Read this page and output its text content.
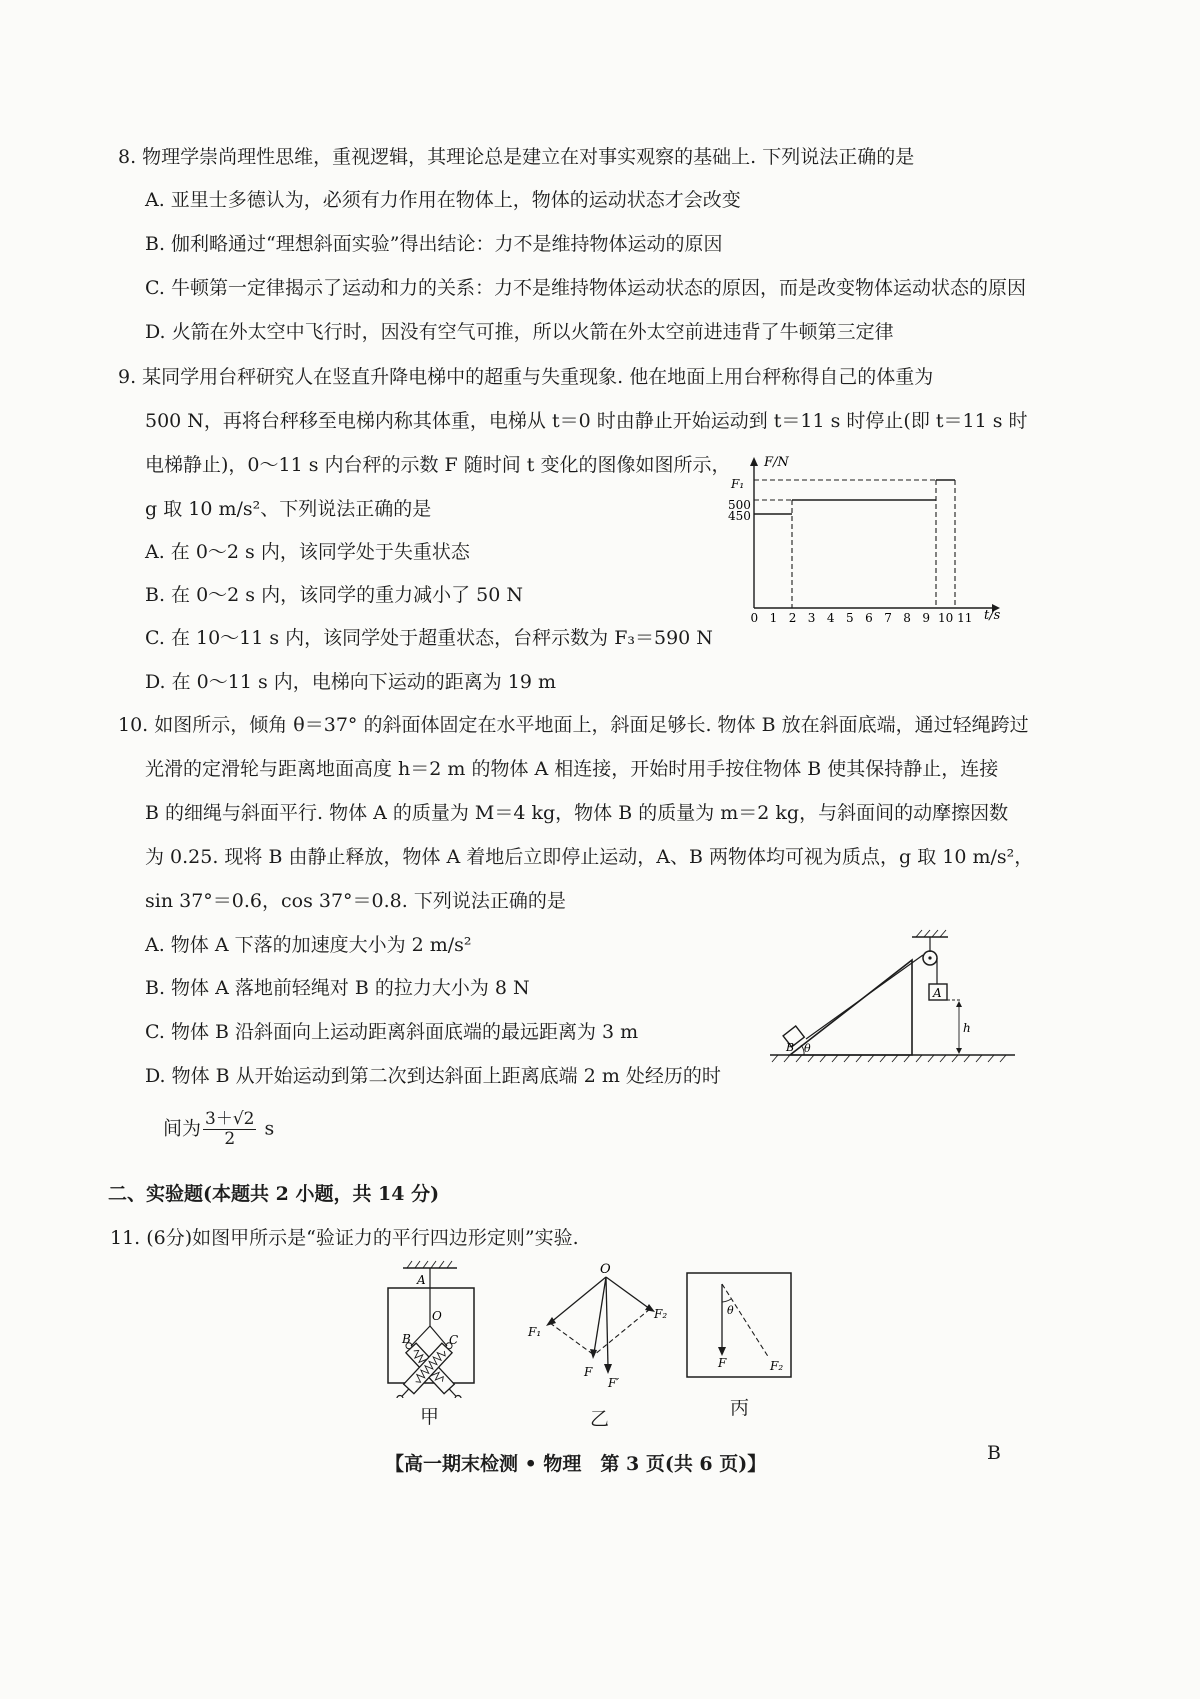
8. 物理学崇尚理性思维，重视逻辑，其理论总是建立在对事实观察的基础上. 下列说法正确的是
A. 亚里士多德认为，必须有力作用在物体上，物体的运动状态才会改变
B. 伽利略通过“理想斜面实验”得出结论：力不是维持物体运动的原因
C. 牛顿第一定律揭示了运动和力的关系：力不是维持物体运动状态的原因，而是改变物体运动状态的原因
D. 火箭在外太空中飞行时，因没有空气可推，所以火箭在外太空前进违背了牛顿第三定律
9. 某同学用台秤研究人在竖直升降电梯中的超重与失重现象. 他在地面上用台秤称得自己的体重为
500 N，再将台秤移至电梯内称其体重，电梯从 t＝0 时由静止开始运动到 t＝11 s 时停止(即 t＝11 s 时
电梯静止)，0～11 s 内台秤的示数 F 随时间 t 变化的图像如图所示，
g 取 10 m/s²、下列说法正确的是
A. 在 0～2 s 内，该同学处于失重状态
B. 在 0～2 s 内，该同学的重力减小了 50 N
C. 在 10～11 s 内，该同学处于超重状态，台秤示数为 F₃＝590 N
D. 在 0～11 s 内，电梯向下运动的距离为 19 m
F/N
t/s
F₁
500
450
0 1 2 3 4 5 6 7 8 9 10 11
10. 如图所示，倾角 θ＝37° 的斜面体固定在水平地面上，斜面足够长. 物体 B 放在斜面底端，通过轻绳跨过
光滑的定滑轮与距离地面高度 h＝2 m 的物体 A 相连接，开始时用手按住物体 B 使其保持静止，连接
B 的细绳与斜面平行. 物体 A 的质量为 M＝4 kg，物体 B 的质量为 m＝2 kg，与斜面间的动摩擦因数
为 0.25. 现将 B 由静止释放，物体 A 着地后立即停止运动，A、B 两物体均可视为质点，g 取 10 m/s²，
sin 37°＝0.6，cos 37°＝0.8. 下列说法正确的是
A. 物体 A 下落的加速度大小为 2 m/s²
B. 物体 A 落地前轻绳对 B 的拉力大小为 8 N
C. 物体 B 沿斜面向上运动距离斜面底端的最远距离为 3 m
D. 物体 B 从开始运动到第二次到达斜面上距离底端 2 m 处经历的时
间为 $\frac{3+√2}{2}$ s
A
B θ
h
二、实验题(本题共 2 小题，共 14 分)
11. (6分)如图甲所示是“验证力的平行四边形定则”实验.
A
O
B	C
甲
O
F₁
F₂
F
F′
乙
F	F₂
θ
丙
【高一期末检测 • 物理　第 3 页(共 6 页)】	B
